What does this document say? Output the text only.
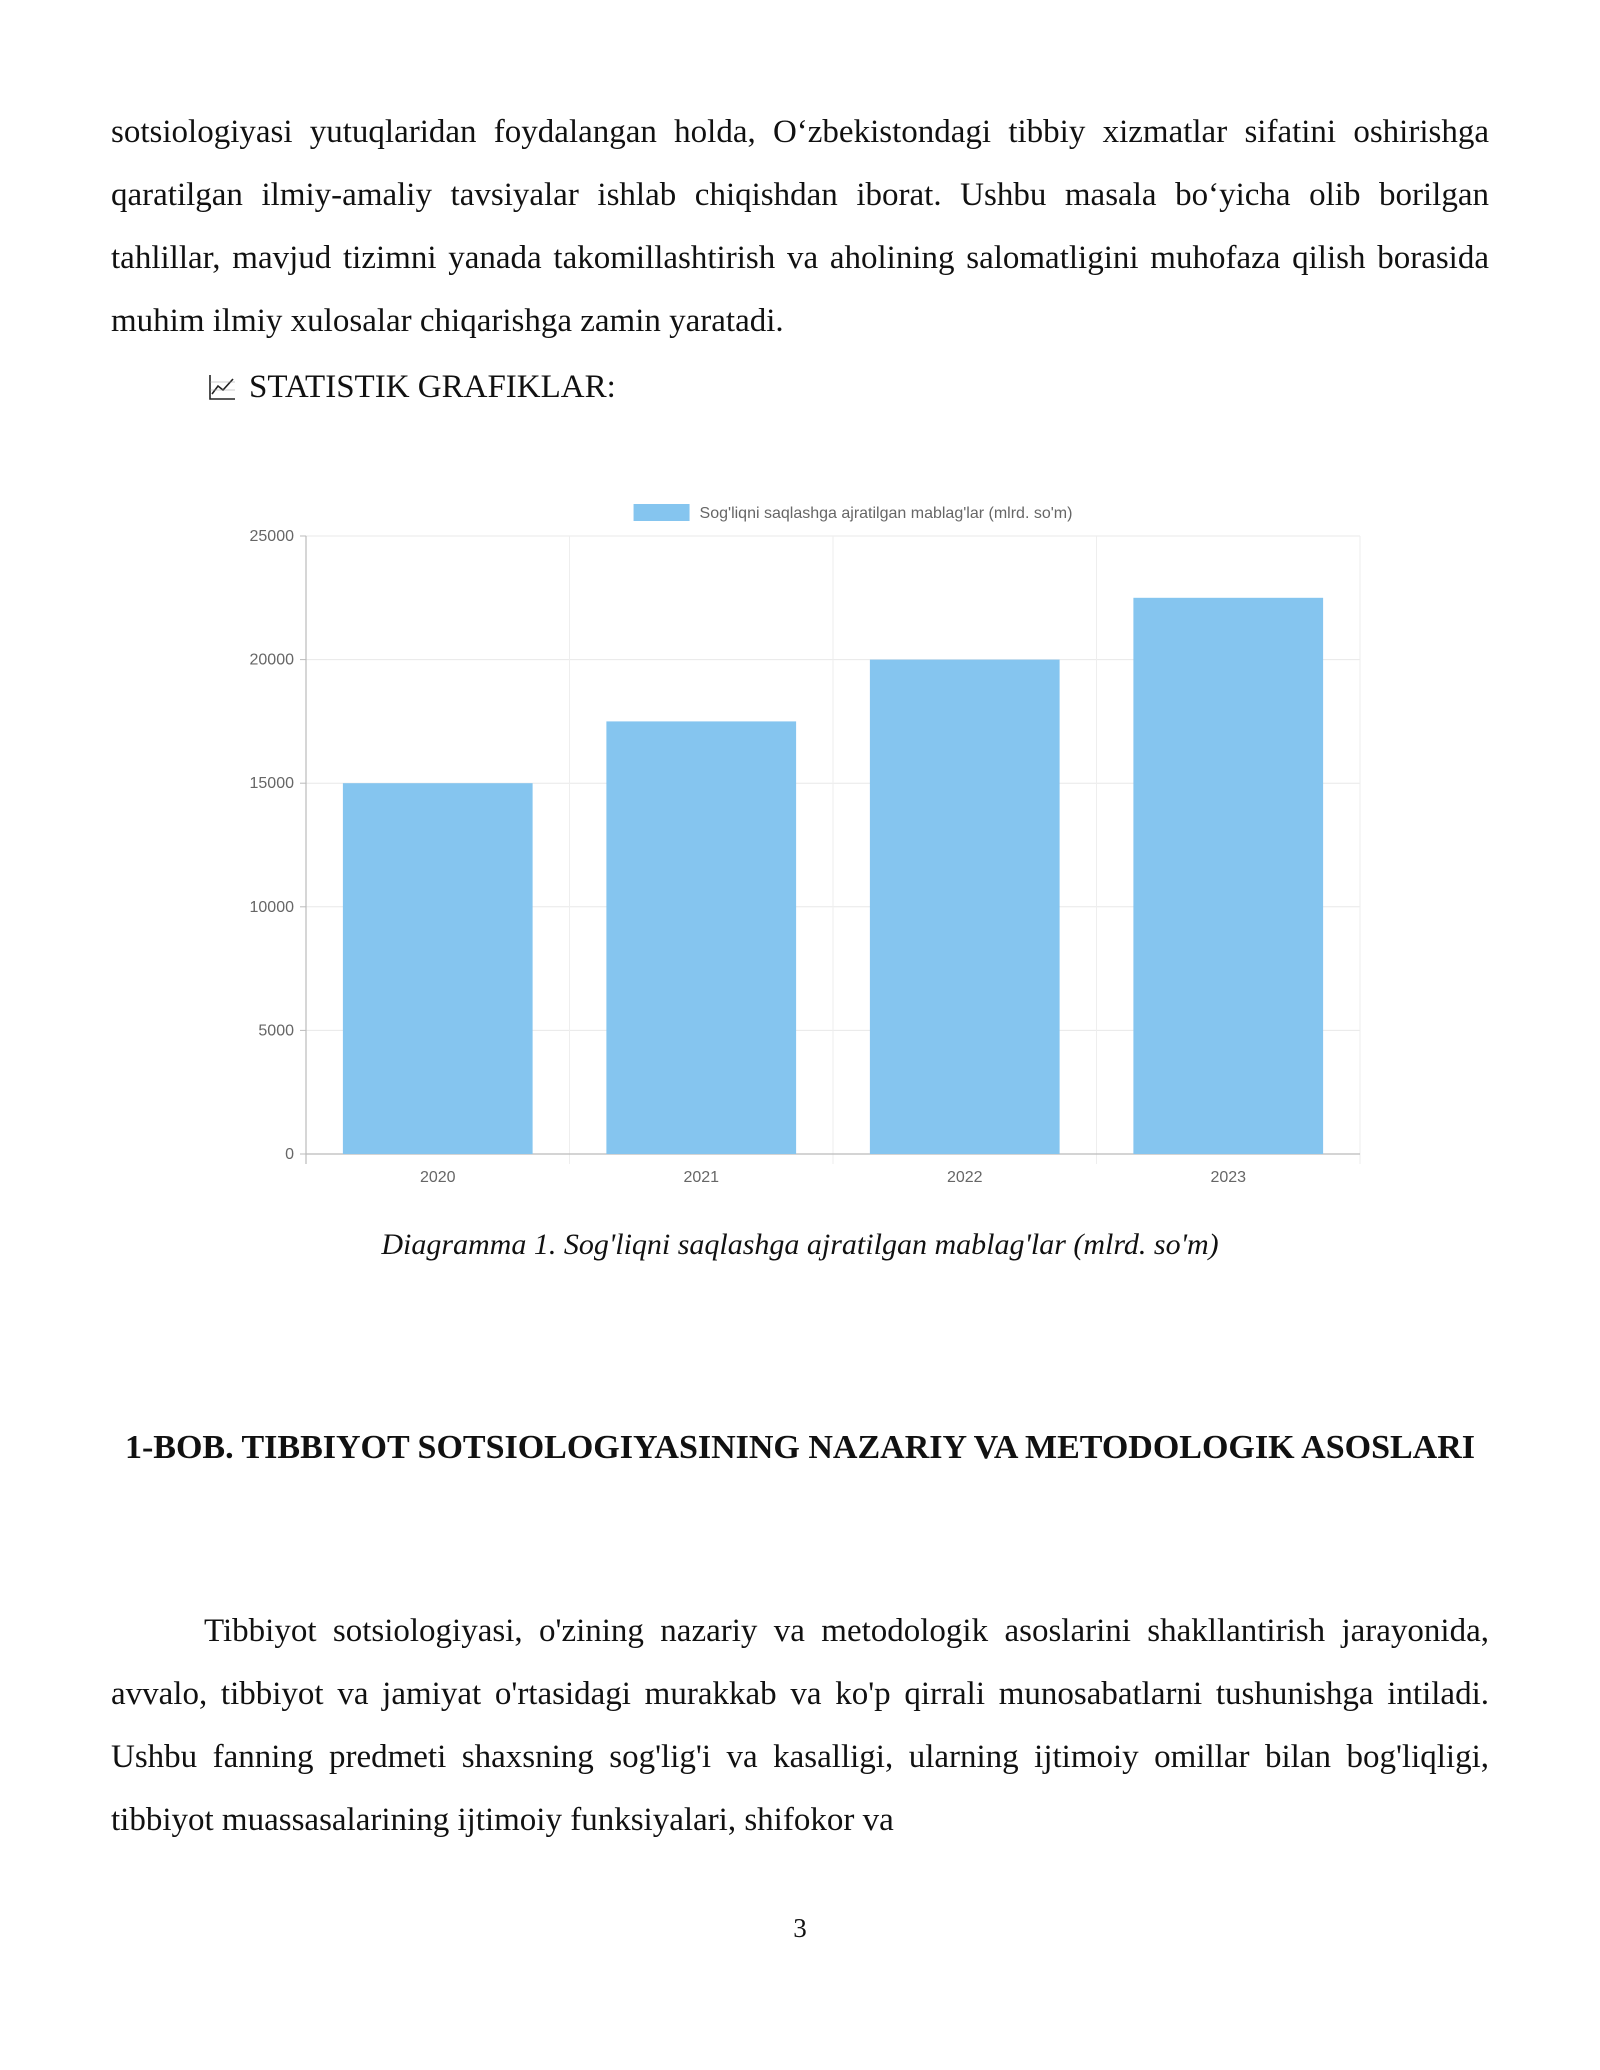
sotsiologiyasi yutuqlaridan foydalangan holda, O‘zbekistondagi tibbiy xizmatlar sifatini oshirishga qaratilgan ilmiy-amaliy tavsiyalar ishlab chiqishdan iborat. Ushbu masala bo‘yicha olib borilgan tahlillar, mavjud tizimni yanada takomillashtirish va aholining salomatligini muhofaza qilish borasida muhim ilmiy xulosalar chiqarishga zamin yaratadi.

STATISTIK GRAFIKLAR:
0
5000
10000
15000
20000
25000
2020	2021	2022	2023
Sog'liqni saqlashga ajratilgan mablag'lar (mlrd. so'm)

Diagramma 1. Sog'liqni saqlashga ajratilgan mablag'lar (mlrd. so'm)

1-BOB. TIBBIYOT SOTSIOLOGIYASINING NAZARIY VA METODOLOGIK ASOSLARI

Tibbiyot sotsiologiyasi, o'zining nazariy va metodologik asoslarini shakllantirish jarayonida, avvalo, tibbiyot va jamiyat o'rtasidagi murakkab va ko'p qirrali munosabatlarni tushunishga intiladi. Ushbu fanning predmeti shaxsning sog'lig'i va kasalligi, ularning ijtimoiy omillar bilan bog'liqligi, tibbiyot muassasalarining ijtimoiy funksiyalari, shifokor va

3
